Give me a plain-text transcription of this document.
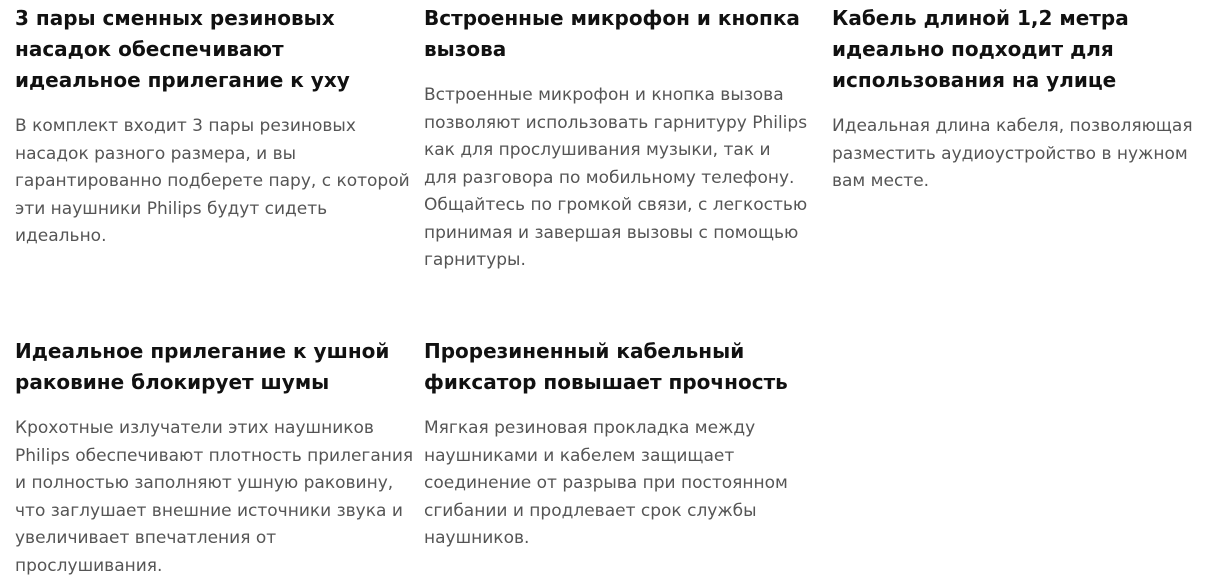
3 пары сменных резиновых насадок обеспечивают идеальное прилегание к уху

В комплект входит 3 пары резиновых насадок разного размера, и вы гарантированно подберете пару, с которой эти наушники Philips будут сидеть идеально.

Встроенные микрофон и кнопка вызова

Встроенные микрофон и кнопка вызова позволяют использовать гарнитуру Philips как для прослушивания музыки, так и для разговора по мобильному телефону. Общайтесь по громкой связи, с легкостью принимая и завершая вызовы с помощью гарнитуры.

Кабель длиной 1,2 метра идеально подходит для использования на улице

Идеальная длина кабеля, позволяющая разместить аудиоустройство в нужном вам месте.

Идеальное прилегание к ушной раковине блокирует шумы

Крохотные излучатели этих наушников Philips обеспечивают плотность прилегания и полностью заполняют ушную раковину, что заглушает внешние источники звука и увеличивает впечатления от прослушивания.

Прорезиненный кабельный фиксатор повышает прочность

Мягкая резиновая прокладка между наушниками и кабелем защищает соединение от разрыва при постоянном сгибании и продлевает срок службы наушников.
